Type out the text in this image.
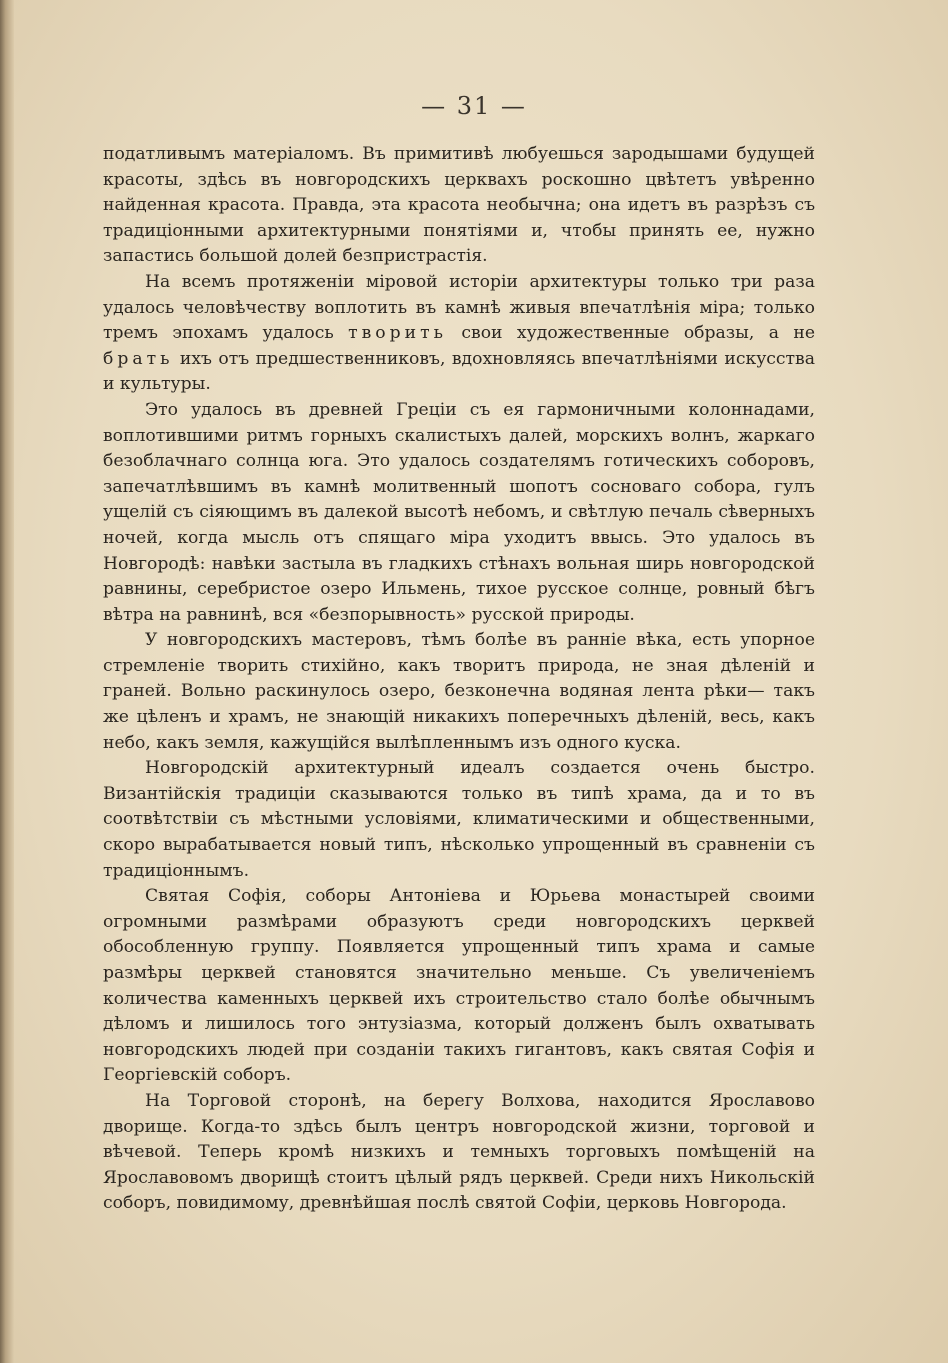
— 31 —

податливымъ матеріаломъ. Въ примитивѣ любуешься зародышами будущей красоты, здѣсь въ новгородскихъ церквахъ роскошно цвѣтетъ увѣренно найденная красота. Правда, эта красота необычна; она идетъ въ разрѣзъ съ традиціонными архитектурными понятіями и, чтобы принять ее, нужно запастись большой долей безпристрастія.

На всемъ протяженіи міровой исторіи архитектуры только три раза удалось человѣчеству воплотить въ камнѣ живыя впечатлѣнія міра; только тремъ эпохамъ удалось творить свои художественные образы, а не брать ихъ отъ предшественниковъ, вдохновляясь впечатлѣніями искусства и культуры.

Это удалось въ древней Греціи съ ея гармоничными колоннадами, воплотившими ритмъ горныхъ скалистыхъ далей, морскихъ волнъ, жаркаго безоблачнаго солнца юга. Это удалось создателямъ готическихъ соборовъ, запечатлѣвшимъ въ камнѣ молитвенный шопотъ сосноваго собора, гулъ ущелій съ сіяющимъ въ далекой высотѣ небомъ, и свѣтлую печаль сѣверныхъ ночей, когда мысль отъ спящаго міра уходитъ ввысь. Это удалось въ Новгородѣ: навѣки застыла въ гладкихъ стѣнахъ вольная ширь новгородской равнины, серебристое озеро Ильмень, тихое русское солнце, ровный бѣгъ вѣтра на равнинѣ, вся «безпорывность» русской природы.

У новгородскихъ мастеровъ, тѣмъ болѣе въ ранніе вѣка, есть упорное стремленіе творить стихійно, какъ творитъ природа, не зная дѣленій и граней. Вольно раскинулось озеро, безконечна водяная лента рѣки— такъ же цѣленъ и храмъ, не знающій никакихъ поперечныхъ дѣленій, весь, какъ небо, какъ земля, кажущійся вылѣпленнымъ изъ одного куска.

Новгородскій архитектурный идеалъ создается очень быстро. Византійскія традиціи сказываются только въ типѣ храма, да и то въ соотвѣтствіи съ мѣстными условіями, климатическими и общественными, скоро вырабатывается новый типъ, нѣсколько упрощенный въ сравненіи съ традиціоннымъ.

Святая Софія, соборы Антоніева и Юрьева монастырей своими огромными размѣрами образуютъ среди новгородскихъ церквей обособленную группу. Появляется упрощенный типъ храма и самые размѣры церквей становятся значительно меньше. Съ увеличеніемъ количества каменныхъ церквей ихъ строительство стало болѣе обычнымъ дѣломъ и лишилось того энтузіазма, который долженъ былъ охватывать новгородскихъ людей при созданіи такихъ гигантовъ, какъ святая Софія и Георгіевскій соборъ.

На Торговой сторонѣ, на берегу Волхова, находится Ярославово дворище. Когда-то здѣсь былъ центръ новгородской жизни, торговой и вѣчевой. Теперь кромѣ низкихъ и темныхъ торговыхъ помѣщеній на Ярославовомъ дворищѣ стоитъ цѣлый рядъ церквей. Среди нихъ Никольскій соборъ, повидимому, древнѣйшая послѣ святой Софіи, церковь Новгорода.
